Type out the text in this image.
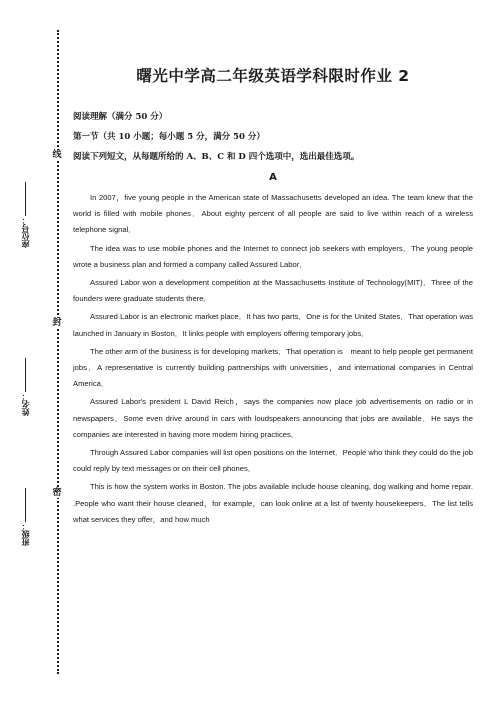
线
封
密
座位号：
姓名：
班级：
曙光中学高二年级英语学科限时作业 2
阅读理解（满分 50 分）
第一节（共 10 小题；每小题 5 分，满分 50 分）
阅读下列短文，从每题所给的 A、B、C 和 D 四个选项中，选出最佳选项。
A

In 2007，five young people in the American state of Massachusetts developed an idea. The team knew that the world is filled with mobile phones．About eighty percent of all people are said to live within reach of a wireless telephone signal．

The idea was to use mobile phones and the Internet to connect job seekers with employers．The young people wrote a business plan and formed a company called Assured Labor．

Assured Labor won a development competition at the Massachusetts Institute of Technology(MIT)．Three of the founders were graduate students there．

Assured Labor is an electronic market place．It has two parts．One is for the United States．That operation was launched in January in Boston．It links people with employers offering temporary jobs．

The other arm of the business is for developing markets．That operation is　meant to help people get permanent jobs．A representative is currently building partnerships with universities，and international companies in Central America．

Assured Labor's president L David Reich，says the companies now place job advertisements on radio or in newspapers．Some even drive around in cars with loudspeakers announcing that jobs are available．He says the companies are interested in having more modem hiring practices．

Through Assured Labor companies will list open positions on the Internet．People who think they could do the job could reply by text messages or on their cell phones．

This is how the system works in Boston. The jobs available include house cleaning, dog walking and home repair. .People who want their house cleaned，for example，can look online at a list of twenty housekeepers．The list tells what services they offer，and how much
